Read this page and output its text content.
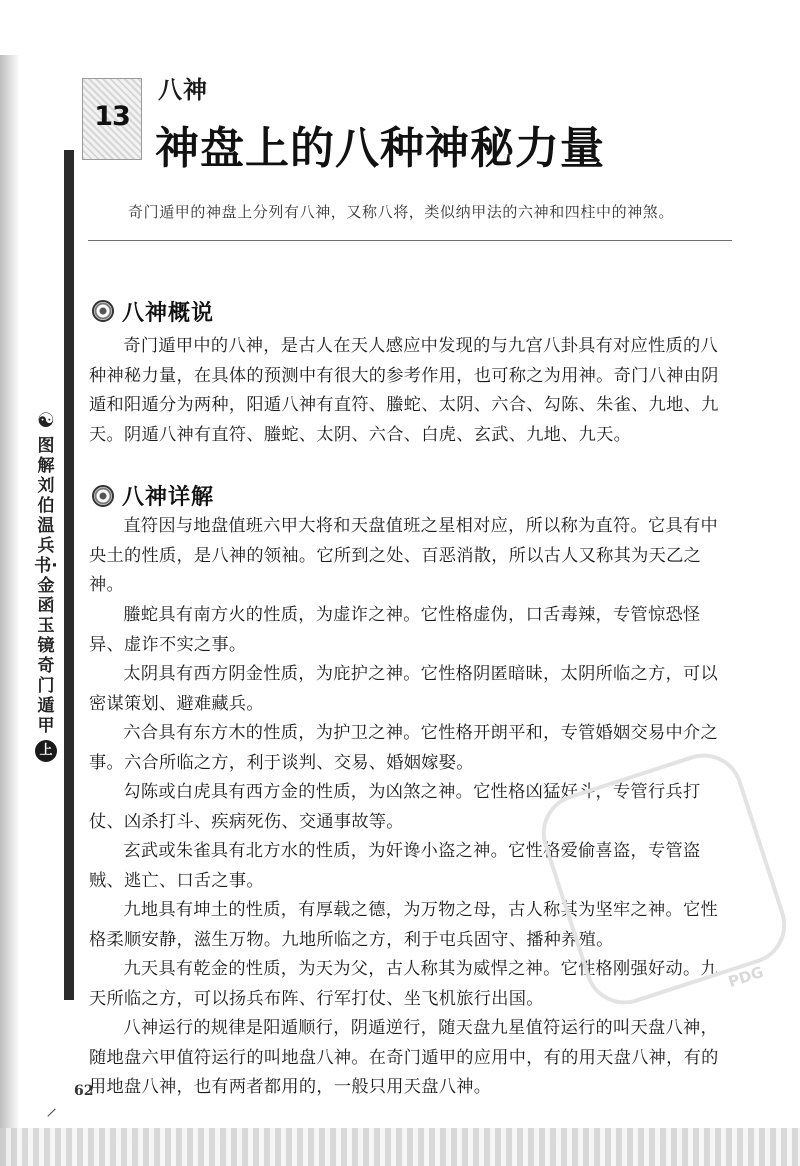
13
八神
神盘上的八种神秘力量
奇门遁甲的神盘上分列有八神，又称八将，类似纳甲法的六神和四柱中的神煞。
☯
图解刘伯温兵书·金函玉镜奇门遁甲
上部
八神概说

奇门遁甲中的八神，是古人在天人感应中发现的与九宫八卦具有对应性质的八种神秘力量，在具体的预测中有很大的参考作用，也可称之为用神。奇门八神由阴遁和阳遁分为两种，阳遁八神有直符、螣蛇、太阴、六合、勾陈、朱雀、九地、九天。阴遁八神有直符、螣蛇、太阴、六合、白虎、玄武、九地、九天。

八神详解

直符因与地盘值班六甲大将和天盘值班之星相对应，所以称为直符。它具有中央土的性质，是八神的领袖。它所到之处、百恶消散，所以古人又称其为天乙之神。

螣蛇具有南方火的性质，为虚诈之神。它性格虚伪，口舌毒辣，专管惊恐怪异、虚诈不实之事。

太阴具有西方阴金性质，为庇护之神。它性格阴匿暗昧，太阴所临之方，可以密谋策划、避难藏兵。

六合具有东方木的性质，为护卫之神。它性格开朗平和，专管婚姻交易中介之事。六合所临之方，利于谈判、交易、婚姻嫁娶。

勾陈或白虎具有西方金的性质，为凶煞之神。它性格凶猛好斗，专管行兵打仗、凶杀打斗、疾病死伤、交通事故等。

玄武或朱雀具有北方水的性质，为奸谗小盗之神。它性格爱偷喜盗，专管盗贼、逃亡、口舌之事。

九地具有坤土的性质，有厚载之德，为万物之母，古人称其为坚牢之神。它性格柔顺安静，滋生万物。九地所临之方，利于屯兵固守、播种养殖。

九天具有乾金的性质，为天为父，古人称其为威悍之神。它性格刚强好动。九天所临之方，可以扬兵布阵、行军打仗、坐飞机旅行出国。

八神运行的规律是阳遁顺行，阴遁逆行，随天盘九星值符运行的叫天盘八神，随地盘六甲值符运行的叫地盘八神。在奇门遁甲的应用中，有的用天盘八神，有的用地盘八神，也有两者都用的，一般只用天盘八神。

PDG
⸝
62
